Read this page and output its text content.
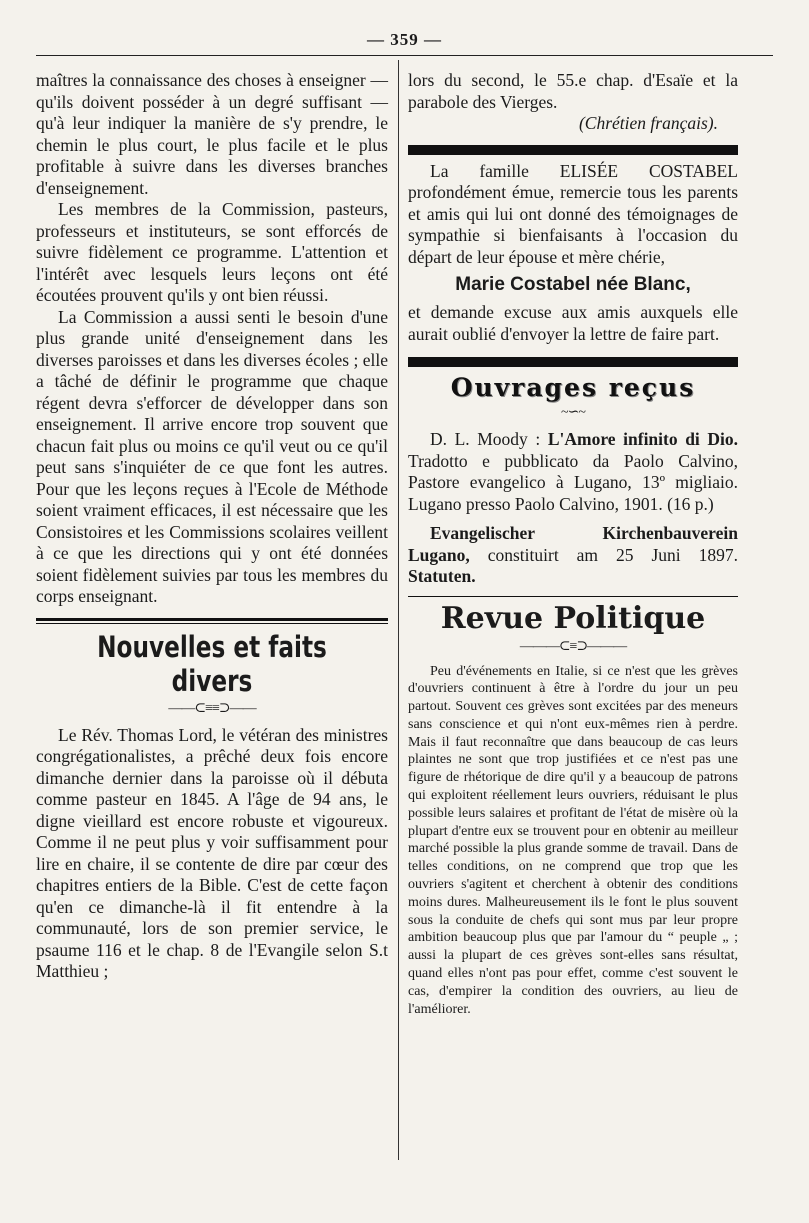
— 359 —

maîtres la connaissance des choses à enseigner — qu'ils doivent posséder à un degré suffisant — qu'à leur indiquer la manière de s'y prendre, le chemin le plus court, le plus facile et le plus profitable à suivre dans les diverses branches d'enseignement.

Les membres de la Commission, pasteurs, professeurs et instituteurs, se sont efforcés de suivre fidèlement ce programme. L'attention et l'intérêt avec lesquels leurs leçons ont été écoutées prouvent qu'ils y ont bien réussi.

La Commission a aussi senti le besoin d'une plus grande unité d'enseignement dans les diverses paroisses et dans les diverses écoles ; elle a tâché de définir le programme que chaque régent devra s'efforcer de développer dans son enseignement. Il arrive encore trop souvent que chacun fait plus ou moins ce qu'il veut ou ce qu'il peut sans s'inquiéter de ce que font les autres. Pour que les leçons reçues à l'Ecole de Méthode soient vraiment efficaces, il est nécessaire que les Consistoires et les Commissions scolaires veillent à ce que les directions qui y ont été données soient fidèlement suivies par tous les membres du corps enseignant.

Nouvelles et faits divers
——⊂≡≡⊃——

Le Rév. Thomas Lord, le vétéran des ministres congrégationalistes, a prêché deux fois encore dimanche dernier dans la paroisse où il débuta comme pasteur en 1845. A l'âge de 94 ans, le digne vieillard est encore robuste et vigoureux. Comme il ne peut plus y voir suffisamment pour lire en chaire, il se contente de dire par cœur des chapitres entiers de la Bible. C'est de cette façon qu'en ce dimanche-là il fit entendre à la communauté, lors de son premier service, le psaume 116 et le chap. 8 de l'Evangile selon S.t Matthieu ;

lors du second, le 55.e chap. d'Esaïe et la parabole des Vierges.

(Chrétien français).

La famille ELISÉE COSTABEL profondément émue, remercie tous les parents et amis qui lui ont donné des témoignages de sympathie si bienfaisants à l'occasion du départ de leur épouse et mère chérie,

Marie Costabel née Blanc,

et demande excuse aux amis auxquels elle aurait oublié d'envoyer la lettre de faire part.

Ouvrages reçus
~∽~

D. L. Moody : L'Amore infinito di Dio. Tradotto e pubblicato da Paolo Calvino, Pastore evangelico à Lugano, 13º migliaio. Lugano presso Paolo Calvino, 1901. (16 p.)

Evangelischer Kirchenbauverein Lugano, constituirt am 25 Juni 1897. Statuten.

Revue Politique
———⊂≡⊃———

Peu d'événements en Italie, si ce n'est que les grèves d'ouvriers continuent à être à l'ordre du jour un peu partout. Souvent ces grèves sont excitées par des meneurs sans conscience et qui n'ont eux-mêmes rien à perdre. Mais il faut reconnaître que dans beaucoup de cas leurs plaintes ne sont que trop justifiées et ce n'est pas une figure de rhétorique de dire qu'il y a beaucoup de patrons qui exploitent réellement leurs ouvriers, réduisant le plus possible leurs salaires et profitant de l'état de misère où la plupart d'entre eux se trouvent pour en obtenir au meilleur marché possible la plus grande somme de travail. Dans de telles conditions, on ne comprend que trop que les ouvriers s'agitent et cherchent à obtenir des conditions moins dures. Malheureusement ils le font le plus souvent sous la conduite de chefs qui sont mus par leur propre ambition beaucoup plus que par l'amour du “ peuple „ ; aussi la plupart de ces grèves sont-elles sans résultat, quand elles n'ont pas pour effet, comme c'est souvent le cas, d'empirer la condition des ouvriers, au lieu de l'améliorer.
